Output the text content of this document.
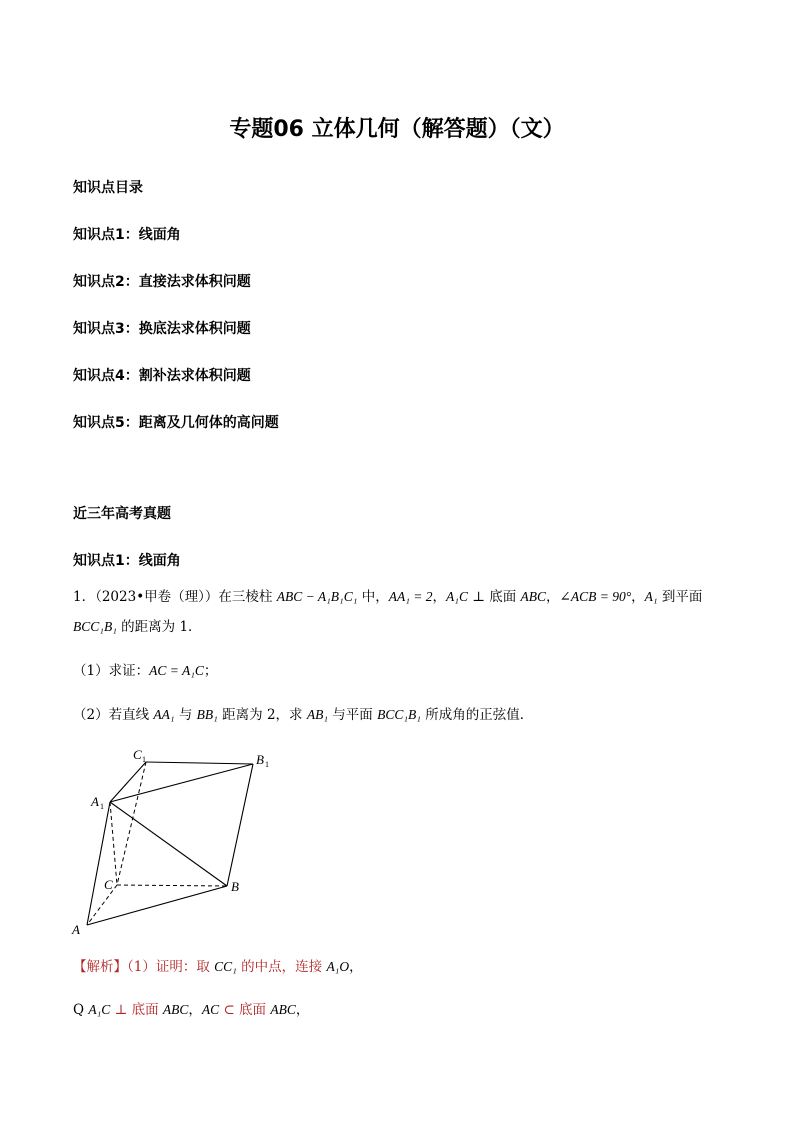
专题06 立体几何（解答题）（文）
知识点目录
知识点1：线面角
知识点2：直接法求体积问题
知识点3：换底法求体积问题
知识点4：割补法求体积问题
知识点5：距离及几何体的高问题
近三年高考真题
知识点1：线面角
1．（2023•甲卷（理））在三棱柱 ABC − A₁B₁C₁ 中，AA₁ = 2，A₁C ⊥ 底面 ABC，∠ACB = 90°，A₁ 到平面
BCC₁B₁ 的距离为 1．
（1）求证：AC = A₁C；
（2）若直线 AA₁ 与 BB₁ 距离为 2，求 AB₁ 与平面 BCC₁B₁ 所成角的正弦值．
C 1	B 1
A 1
C	B
A
【解析】（1）证明：取 CC₁ 的中点，连接 A₁O，
Q A₁C ⊥ 底面 ABC，AC ⊂ 底面 ABC，
